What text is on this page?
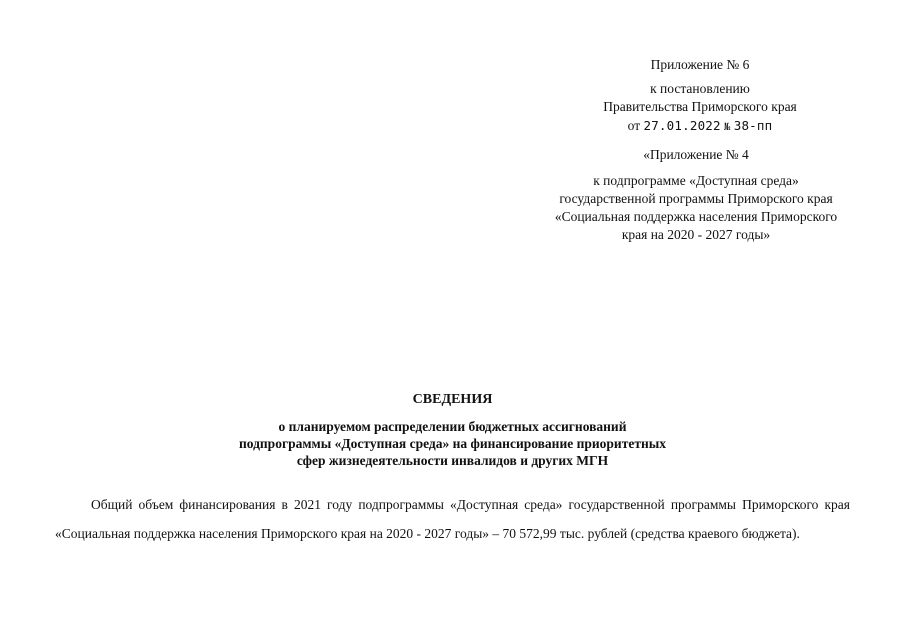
Приложение № 6
к постановлению
Правительства Приморского края
от 27.01.2022 № 38-пп
«Приложение № 4
к подпрограмме «Доступная среда»
государственной программы Приморского края
«Социальная поддержка населения Приморского
края на 2020 - 2027 годы»
СВЕДЕНИЯ
о планируемом распределении бюджетных ассигнований
подпрограммы «Доступная среда» на финансирование приоритетных
сфер жизнедеятельности инвалидов и других МГН

Общий объем финансирования в 2021 году подпрограммы «Доступная среда» государственной программы Приморского края «Социальная поддержка населения Приморского края на 2020 - 2027 годы» – 70 572,99 тыс. рублей (средства краевого бюджета).
